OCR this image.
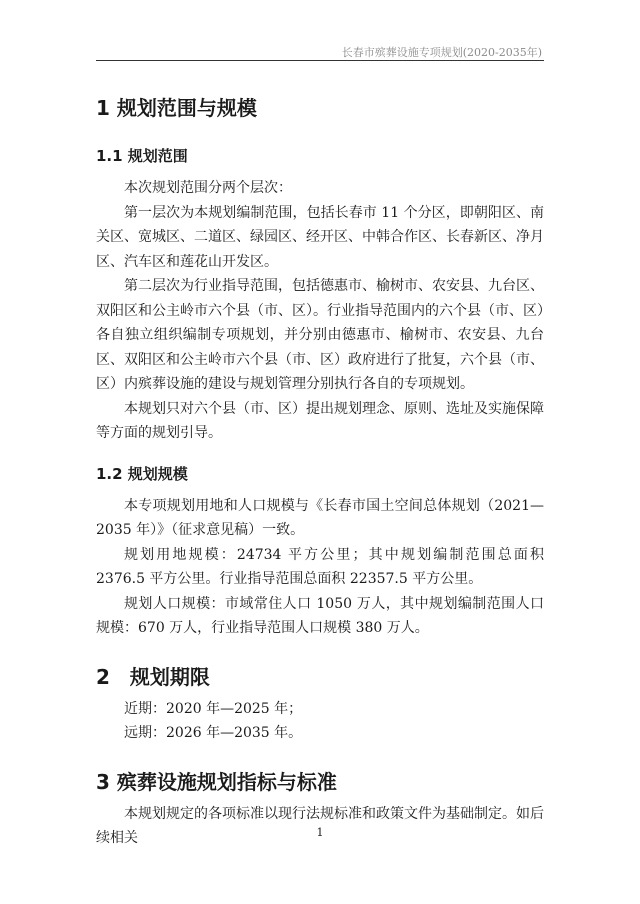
长春市殡葬设施专项规划(2020-2035年)
1 规划范围与规模
1.1 规划范围

本次规划范围分两个层次：

第一层次为本规划编制范围，包括长春市 11 个分区，即朝阳区、南关区、宽城区、二道区、绿园区、经开区、中韩合作区、长春新区、净月区、汽车区和莲花山开发区。

第二层次为行业指导范围，包括德惠市、榆树市、农安县、九台区、双阳区和公主岭市六个县（市、区）。行业指导范围内的六个县（市、区）各自独立组织编制专项规划，并分别由德惠市、榆树市、农安县、九台区、双阳区和公主岭市六个县（市、区）政府进行了批复，六个县（市、区）内殡葬设施的建设与规划管理分别执行各自的专项规划。

本规划只对六个县（市、区）提出规划理念、原则、选址及实施保障等方面的规划引导。

1.2 规划规模

本专项规划用地和人口规模与《长春市国土空间总体规划（2021—2035 年）》（征求意见稿）一致。

规划用地规模：24734 平方公里；其中规划编制范围总面积 2376.5 平方公里。行业指导范围总面积 22357.5 平方公里。

规划人口规模：市域常住人口 1050 万人，其中规划编制范围人口规模：670 万人，行业指导范围人口规模 380 万人。

2　规划期限

近期：2020 年—2025 年；

远期：2026 年—2035 年。

3 殡葬设施规划指标与标准

本规划规定的各项标准以现行法规标准和政策文件为基础制定。如后续相关	1
